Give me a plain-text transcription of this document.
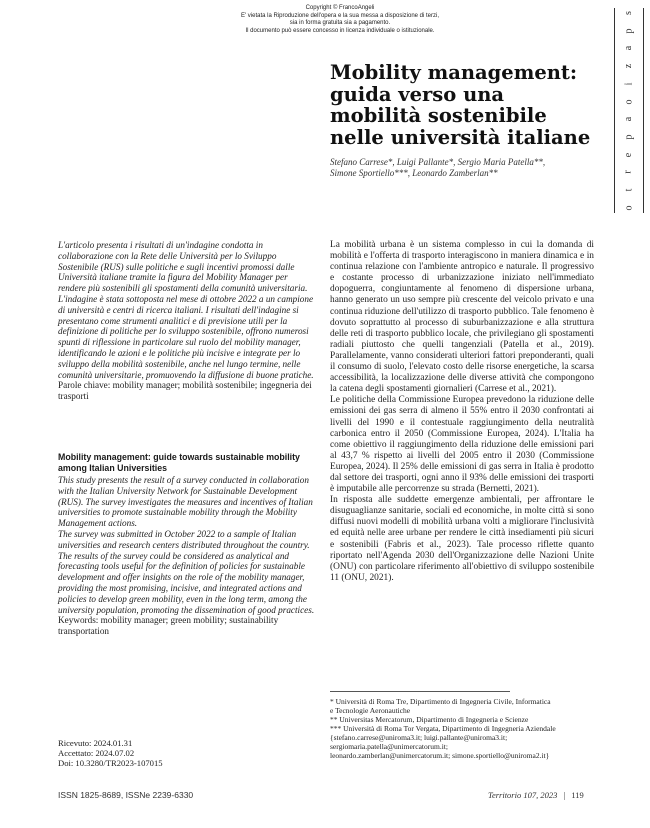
Copyright © FrancoAngeli
E' vietata la Riproduzione dell'opera e la sua messa a disposizione di terzi,
sia in forma gratuita sia a pagamento.
Il documento può essere concesso in licenza individuale o istituzionale.
s
p
a
z
i
o
a
p
e
r
t
o
Mobility management:
guida verso una
mobilità sostenibile
nelle università italiane
Stefano Carrese*, Luigi Pallante*, Sergio Maria Patella**,
Simone Sportiello***, Leonardo Zamberlan**

L'articolo presenta i risultati di un'indagine condotta in collaborazione con la Rete delle Università per lo Sviluppo Sostenibile (RUS) sulle politiche e sugli incentivi promossi dalle Università italiane tramite la figura del Mobility Manager per rendere più sostenibili gli spostamenti della comunità universitaria.

L'indagine è stata sottoposta nel mese di ottobre 2022 a un campione di università e centri di ricerca italiani. I risultati dell'indagine si presentano come strumenti analitici e di previsione utili per la definizione di politiche per lo sviluppo sostenibile, offrono numerosi spunti di riflessione in particolare sul ruolo del mobility manager, identificando le azioni e le politiche più incisive e integrate per lo sviluppo della mobilità sostenibile, anche nel lungo termine, nelle comunità universitarie, promuovendo la diffusione di buone pratiche.

Parole chiave: mobility manager; mobilità sostenibile; ingegneria dei trasporti

Mobility management: guide towards sustainable mobility among Italian Universities

This study presents the result of a survey conducted in collaboration with the Italian University Network for Sustainable Development (RUS). The survey investigates the measures and incentives of Italian universities to promote sustainable mobility through the Mobility Management actions.

The survey was submitted in October 2022 to a sample of Italian universities and research centers distributed throughout the country. The results of the survey could be considered as analytical and forecasting tools useful for the definition of policies for sustainable development and offer insights on the role of the mobility manager, providing the most promising, incisive, and integrated actions and policies to develop green mobility, even in the long term, among the university population, promoting the dissemination of good practices.

Keywords: mobility manager; green mobility; sustainability transportation

Ricevuto: 2024.01.31
Accettato: 2024.07.02
Doi: 10.3280/TR2023-107015

La mobilità urbana è un sistema complesso in cui la domanda di mobilità e l'offerta di trasporto interagiscono in maniera dinamica e in continua relazione con l'ambiente antropico e naturale. Il progressivo e costante processo di urbanizzazione iniziato nell'immediato dopoguerra, congiuntamente al fenomeno di dispersione urbana, hanno generato un uso sempre più crescente del veicolo privato e una continua riduzione dell'utilizzo di trasporto pubblico. Tale fenomeno è dovuto soprattutto al processo di suburbanizzazione e alla struttura delle reti di trasporto pubblico locale, che privilegiano gli spostamenti radiali piuttosto che quelli tangenziali (Patella et al., 2019). Parallelamente, vanno considerati ulteriori fattori preponderanti, quali il consumo di suolo, l'elevato costo delle risorse energetiche, la scarsa accessibilità, la localizzazione delle diverse attività che compongono la catena degli spostamenti giornalieri (Carrese et al., 2021).

Le politiche della Commissione Europea prevedono la riduzione delle emissioni dei gas serra di almeno il 55% entro il 2030 confrontati ai livelli del 1990 e il contestuale raggiungimento della neutralità carbonica entro il 2050 (Commissione Europea, 2024). L'Italia ha come obiettivo il raggiungimento della riduzione delle emissioni pari al 43,7 % rispetto ai livelli del 2005 entro il 2030 (Commissione Europea, 2024). Il 25% delle emissioni di gas serra in Italia è prodotto dal settore dei trasporti, ogni anno il 93% delle emissioni dei trasporti è imputabile alle percorrenze su strada (Bernetti, 2021).

In risposta alle suddette emergenze ambientali, per affrontare le disuguaglianze sanitarie, sociali ed economiche, in molte città si sono diffusi nuovi modelli di mobilità urbana volti a migliorare l'inclusività ed equità nelle aree urbane per rendere le città insediamenti più sicuri e sostenibili (Fabris et al., 2023). Tale processo riflette quanto riportato nell'Agenda 2030 dell'Organizzazione delle Nazioni Unite (ONU) con particolare riferimento all'obiettivo di sviluppo sostenibile 11 (ONU, 2021).

* Università di Roma Tre, Dipartimento di Ingegneria Civile, Informatica
e Tecnologie Aeronautiche
** Universitas Mercatorum, Dipartimento di Ingegneria e Scienze
*** Università di Roma Tor Vergata, Dipartimento di Ingegneria Aziendale
{stefano.carrese@uniroma3.it; luigi.pallante@uniroma3.it;
sergiomaria.patella@unimercatorum.it;
leonardo.zamberlan@unimercatorum.it; simone.sportiello@uniroma2.it}
ISSN 1825-8689, ISSNe 2239-6330	Territorio 107, 2023 | 119
